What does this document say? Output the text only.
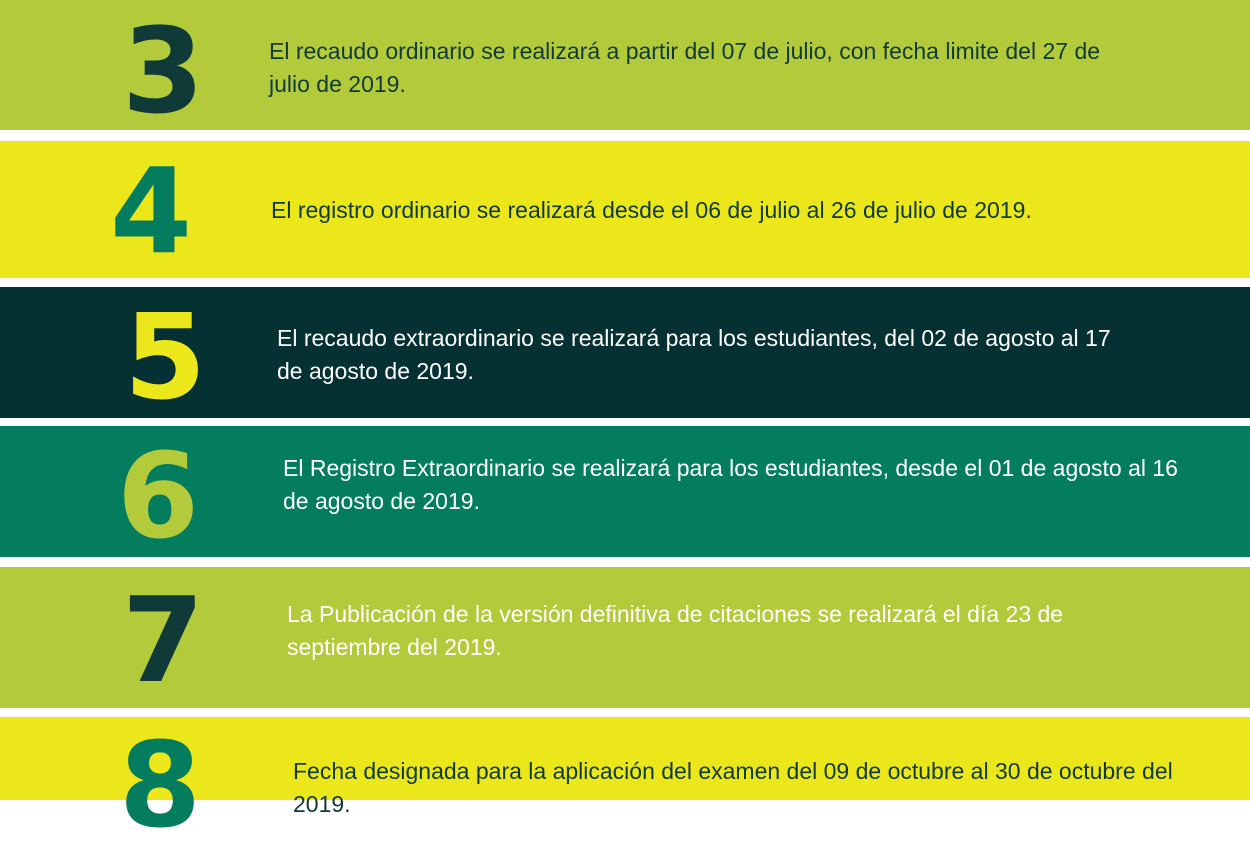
3	El recaudo ordinario se realizará a partir del 07 de julio, con fecha limite del 27 de julio de 2019.

4	El registro ordinario se realizará desde el 06 de julio al 26 de julio de 2019.

5	El recaudo extraordinario se realizará para los estudiantes, del 02 de agosto al 17 de agosto de 2019.

6	El Registro Extraordinario se realizará para los estudiantes, desde el 01 de agosto al 16 de agosto de 2019.

7	La Publicación de la versión definitiva de citaciones se realizará el día 23 de septiembre del 2019.

8	Fecha designada para la aplicación del examen del 09 de octubre al 30 de octubre del 2019.
